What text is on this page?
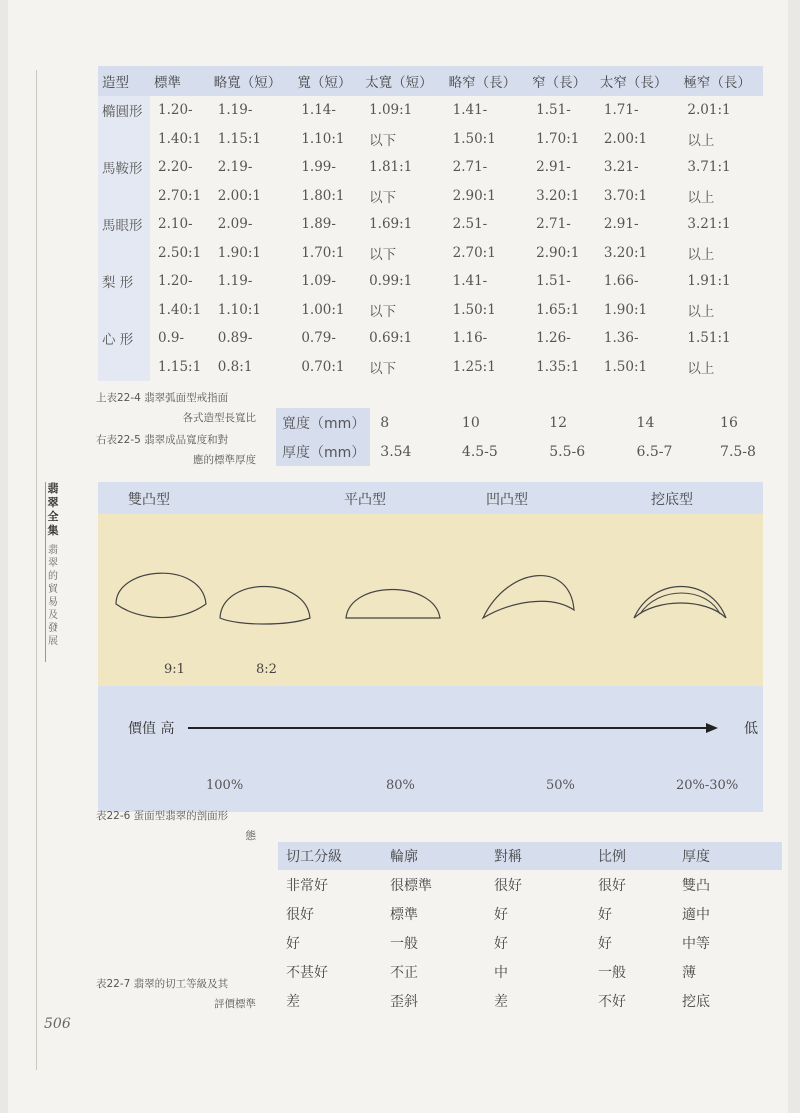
造型	標準	略寬（短）	寬（短）	太寬（短）	略窄（長）	窄（長）	太窄（長）	極窄（長）
橢圓形	1.20-	1.19-	1.14-	1.09:1	1.41-	1.51-	1.71-	2.01:1
	1.40:1	1.15:1	1.10:1	以下	1.50:1	1.70:1	2.00:1	以上
馬鞍形	2.20-	2.19-	1.99-	1.81:1	2.71-	2.91-	3.21-	3.71:1
	2.70:1	2.00:1	1.80:1	以下	2.90:1	3.20:1	3.70:1	以上
馬眼形	2.10-	2.09-	1.89-	1.69:1	2.51-	2.71-	2.91-	3.21:1
	2.50:1	1.90:1	1.70:1	以下	2.70:1	2.90:1	3.20:1	以上
梨 形	1.20-	1.19-	1.09-	0.99:1	1.41-	1.51-	1.66-	1.91:1
	1.40:1	1.10:1	1.00:1	以下	1.50:1	1.65:1	1.90:1	以上
心 形	0.9-	0.89-	0.79-	0.69:1	1.16-	1.26-	1.36-	1.51:1
	1.15:1	0.8:1	0.70:1	以下	1.25:1	1.35:1	1.50:1	以上
上表22-4 翡翠弧面型戒指面
各式造型長寬比
右表22-5 翡翠成品寬度和對
應的標準厚度
寬度（mm）	8	10	12	14	16
厚度（mm）	3.54	4.5-5	5.5-6	6.5-7	7.5-8
翡
翠
全
集
翡
翠
的
貿
易
及
發
展
雙凸型	平凸型	凹凸型	挖底型
9:1	8:2
價值 高	低
100%	80%	50%	20%-30%
表22-6 蛋面型翡翠的剖面形
態
切工分級	輪廓	對稱	比例	厚度
非常好	很標準	很好	很好	雙凸
很好	標準	好	好	適中
好	一般	好	好	中等
不甚好	不正	中	一般	薄
差	歪斜	差	不好	挖底
表22-7 翡翠的切工等級及其
評價標準
506
